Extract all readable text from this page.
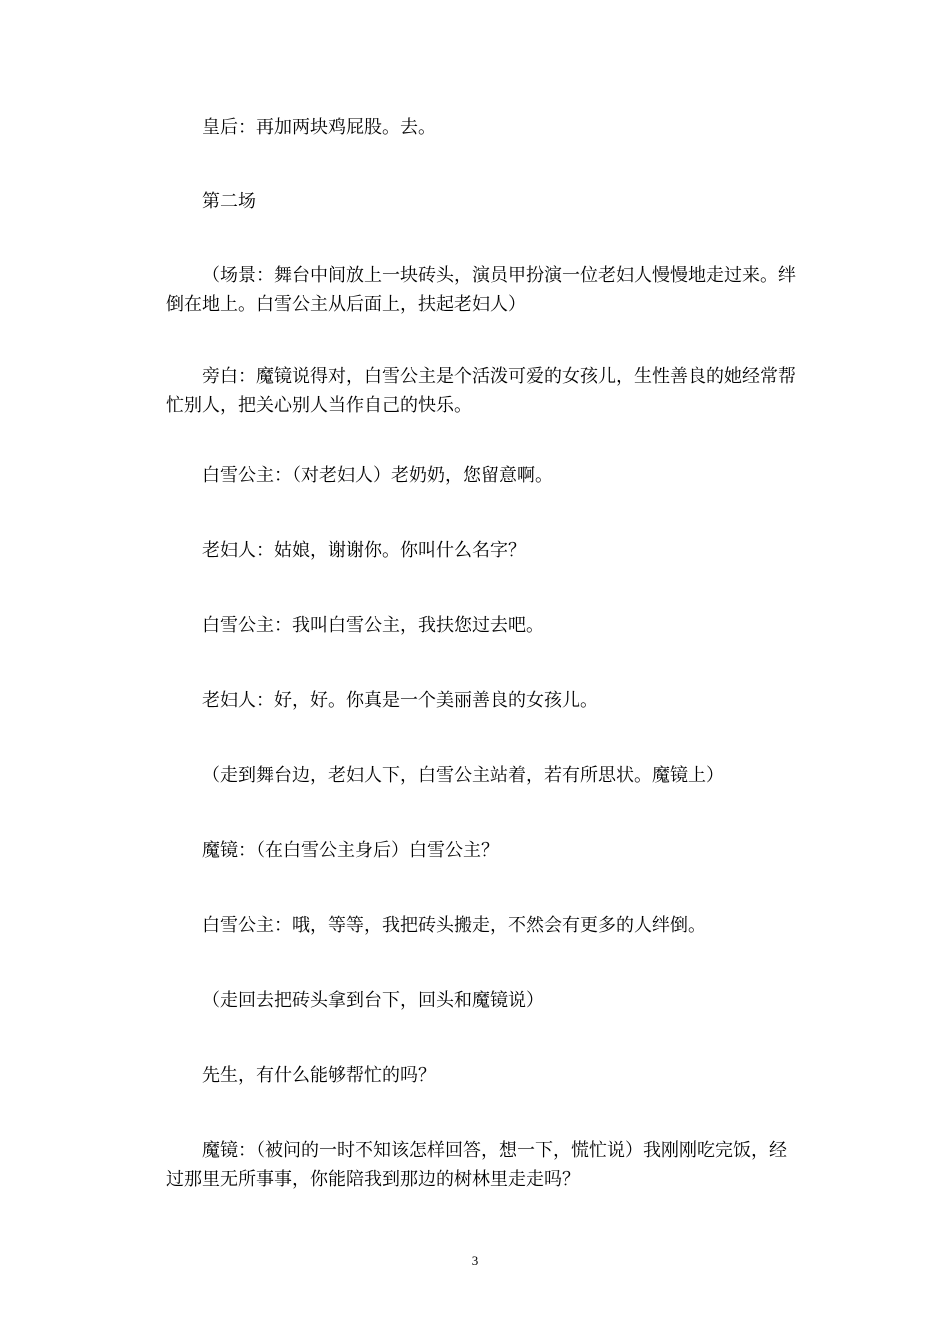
皇后：再加两块鸡屁股。去。

第二场

（场景：舞台中间放上一块砖头，演员甲扮演一位老妇人慢慢地走过来。绊倒在地上。白雪公主从后面上，扶起老妇人）

旁白：魔镜说得对，白雪公主是个活泼可爱的女孩儿，生性善良的她经常帮忙别人，把关心别人当作自己的快乐。

白雪公主：（对老妇人）老奶奶，您留意啊。

老妇人：姑娘，谢谢你。你叫什么名字？

白雪公主：我叫白雪公主，我扶您过去吧。

老妇人：好，好。你真是一个美丽善良的女孩儿。

（走到舞台边，老妇人下，白雪公主站着，若有所思状。魔镜上）

魔镜：（在白雪公主身后）白雪公主？

白雪公主：哦，等等，我把砖头搬走，不然会有更多的人绊倒。

（走回去把砖头拿到台下，回头和魔镜说）

先生，有什么能够帮忙的吗？

魔镜：（被问的一时不知该怎样回答，想一下，慌忙说）我刚刚吃完饭，经过那里无所事事，你能陪我到那边的树林里走走吗？

3
